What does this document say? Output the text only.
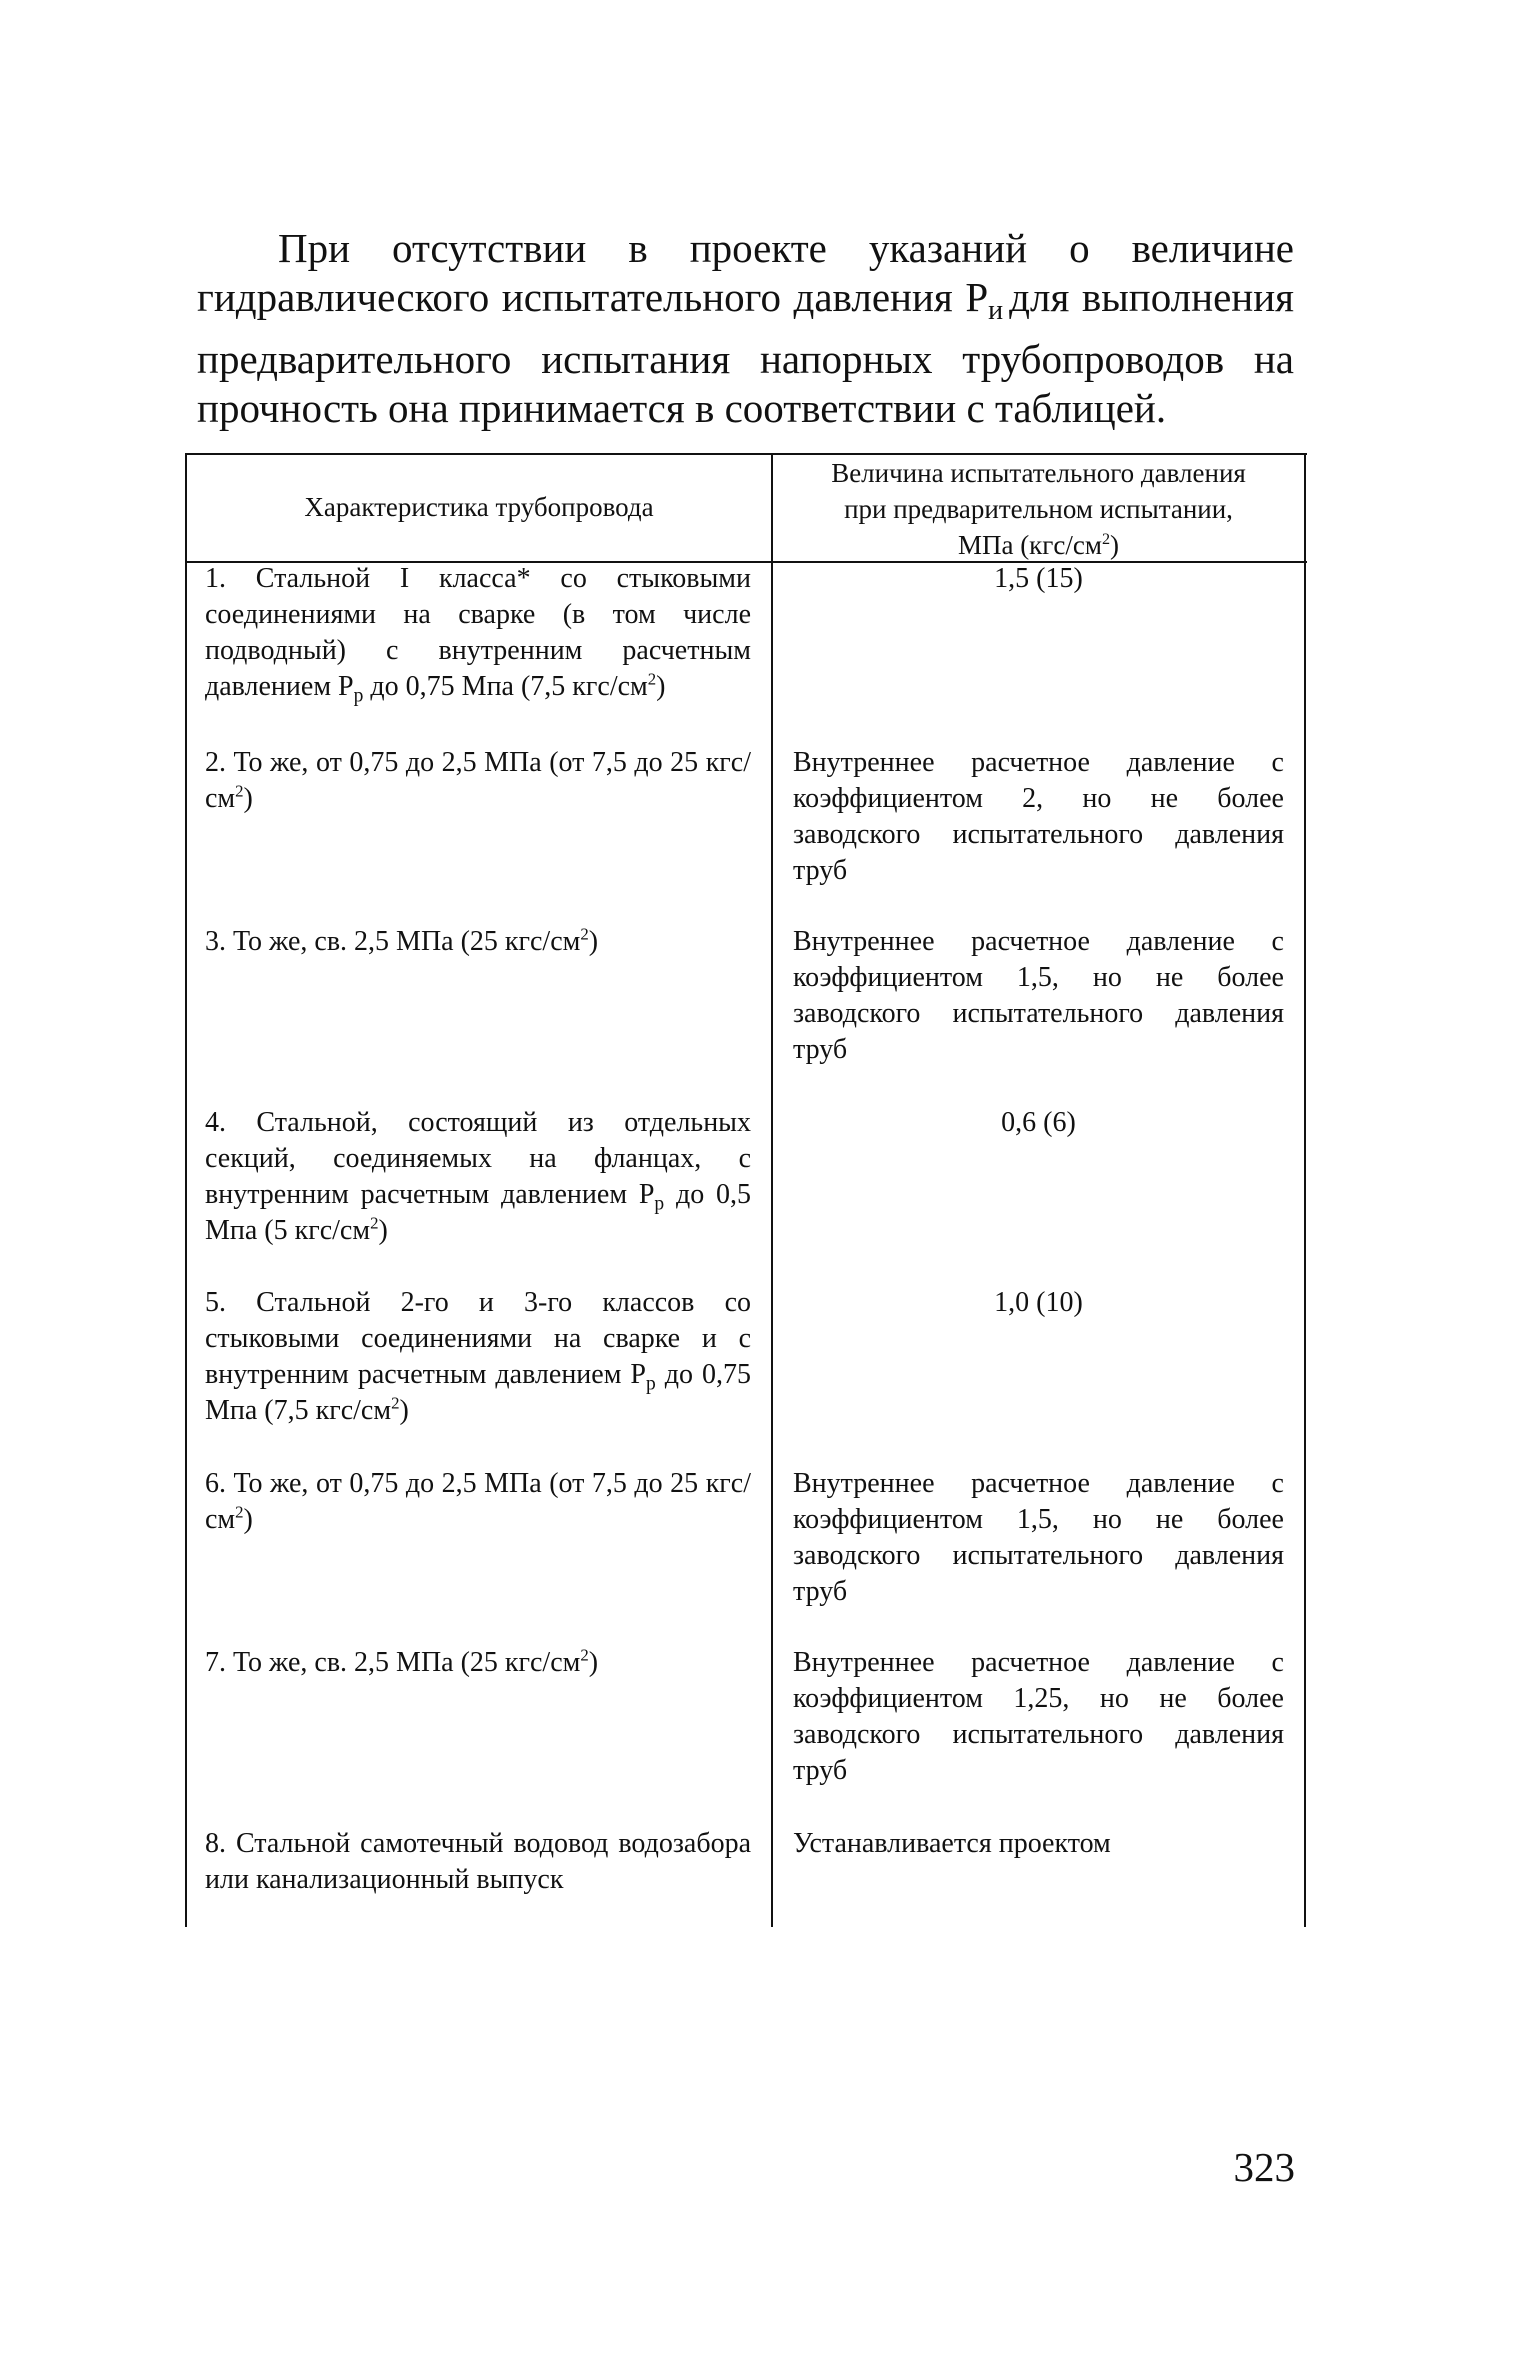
При отсутствии в проекте указаний о величине гидравлического испытательного давления $Р_и$ для выполнения предварительного испытания напорных трубопроводов на прочность она принимается в соответствии с таблицей.

Характеристика трубопровода
Величина испытательного давления
при предварительном испытании,
МПа $(кгс/см^2)$

1. Стальной I класса* со стыковыми соединениями на сварке (в том числе подводный) с внутренним расчетным давлением $Р_р$ до 0,75 Мпа (7,5 кгс/$см^2$)

1,5 (15)

2. То же, от 0,75 до 2,5 МПа (от 7,5 до 25 кгс/$см^2$)

Внутреннее расчетное давление с коэффициентом 2, но не более заводского испытательного давления труб

3. То же, св. 2,5 МПа (25 кгс/$см^2$)	Внутреннее расчетное давление с коэффициентом 1,5, но не более заводского испытательного давления труб

4. Стальной, состоящий из отдельных секций, соединяемых на фланцах, с внутренним расчетным давлением $Р_р$ до 0,5 Мпа (5 кгс/$см^2$)

0,6 (6)

5. Стальной 2-го и 3-го классов со стыковыми соединениями на сварке и с внутренним расчетным давлением $Р_р$ до 0,75 Мпа (7,5 кгс/$см^2$)

1,0 (10)

6. То же, от 0,75 до 2,5 МПа (от 7,5 до 25 кгс/$см^2$)

Внутреннее расчетное давление с коэффициентом 1,5, но не более заводского испытательного давления труб

7. То же, св. 2,5 МПа (25 кгс/$см^2$)	Внутреннее расчетное давление с коэффициентом 1,25, но не более заводского испытательного давления труб

8. Стальной самотечный водовод водозабора или канализационный выпуск

Устанавливается проектом

323
